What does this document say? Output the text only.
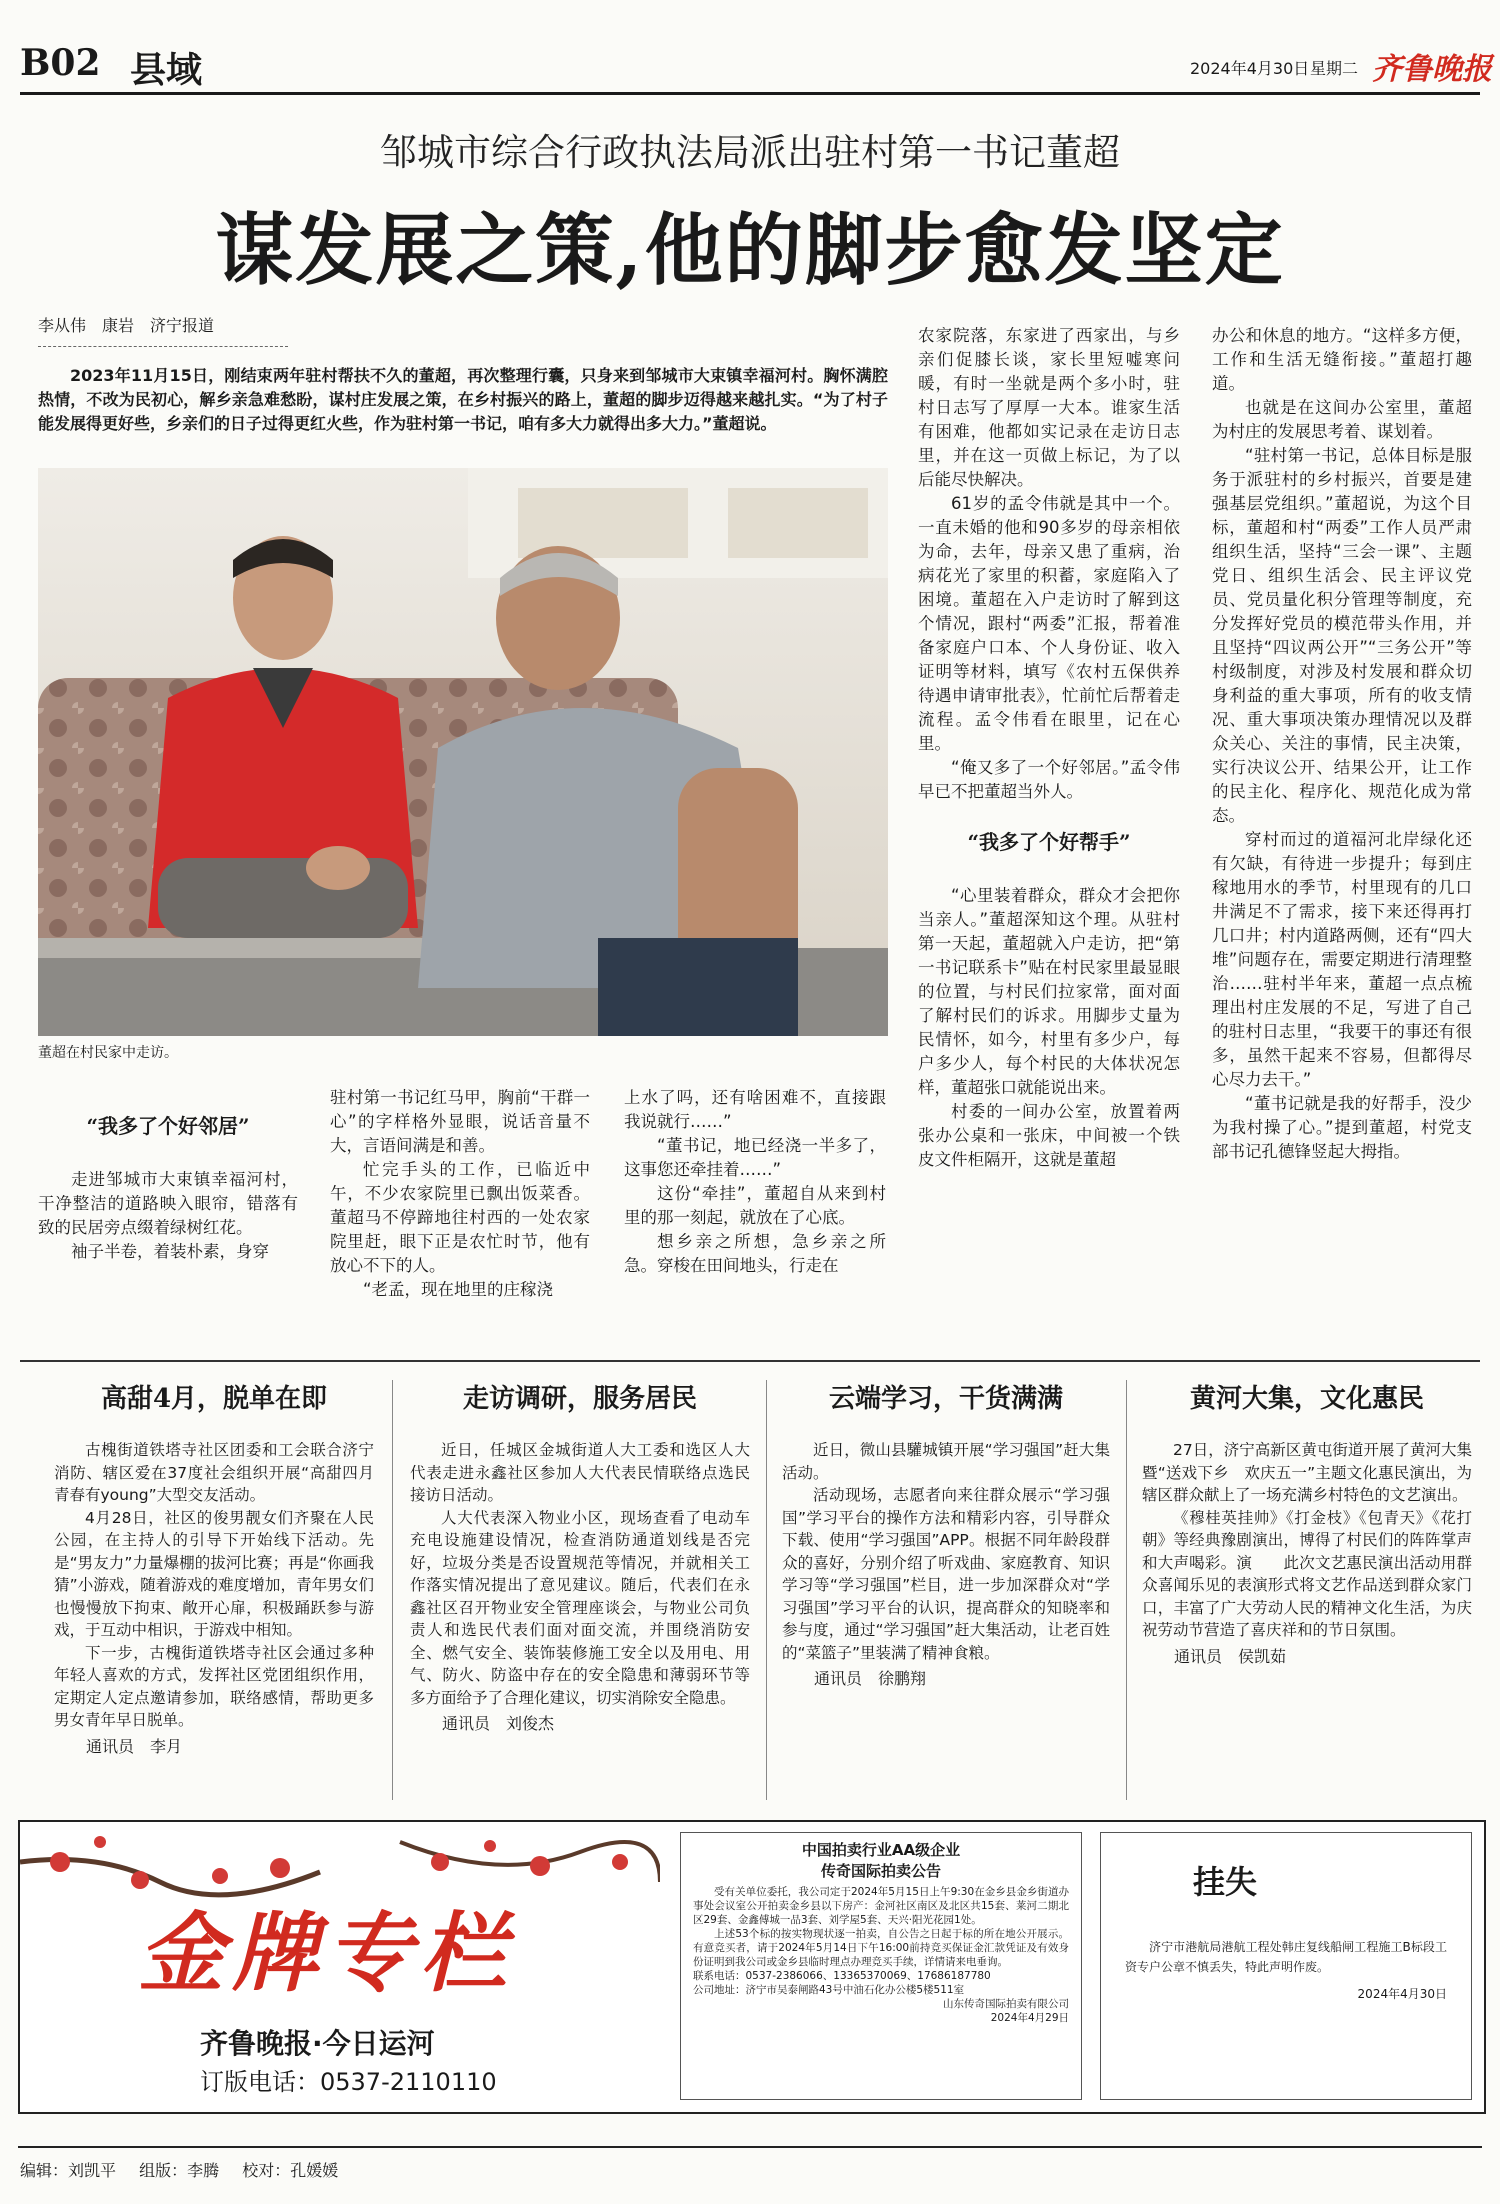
B02 县域	2024年4月30日 星期二 齐鲁晚报
邹城市综合行政执法局派出驻村第一书记董超
谋发展之策,他的脚步愈发坚定
李从伟　康岩　济宁报道
2023年11月15日，刚结束两年驻村帮扶不久的董超，再次整理行囊，只身来到邹城市大束镇幸福河村。胸怀满腔热情，不改为民初心，解乡亲急难愁盼，谋村庄发展之策，在乡村振兴的路上，董超的脚步迈得越来越扎实。“为了村子能发展得更好些，乡亲们的日子过得更红火些，作为驻村第一书记，咱有多大力就得出多大力。”董超说。
董超在村民家中走访。
“我多了个好邻居”

走进邹城市大束镇幸福河村，干净整洁的道路映入眼帘，错落有致的民居旁点缀着绿树红花。

袖子半卷，着装朴素，身穿

驻村第一书记红马甲，胸前“干群一心”的字样格外显眼，说话音量不大，言语间满是和善。

忙完手头的工作，已临近中午，不少农家院里已飘出饭菜香。董超马不停蹄地往村西的一处农家院里赶，眼下正是农忙时节，他有放心不下的人。

“老孟，现在地里的庄稼浇

上水了吗，还有啥困难不，直接跟我说就行……”

“董书记，地已经浇一半多了，这事您还牵挂着……”

这份“牵挂”，董超自从来到村里的那一刻起，就放在了心底。

想乡亲之所想，急乡亲之所急。穿梭在田间地头，行走在

农家院落，东家进了西家出，与乡亲们促膝长谈，家长里短嘘寒问暖，有时一坐就是两个多小时，驻村日志写了厚厚一大本。谁家生活有困难，他都如实记录在走访日志里，并在这一页做上标记，为了以后能尽快解决。

61岁的孟令伟就是其中一个。一直未婚的他和90多岁的母亲相依为命，去年，母亲又患了重病，治病花光了家里的积蓄，家庭陷入了困境。董超在入户走访时了解到这个情况，跟村“两委”汇报，帮着准备家庭户口本、个人身份证、收入证明等材料，填写《农村五保供养待遇申请审批表》，忙前忙后帮着走流程。孟令伟看在眼里，记在心里。

“俺又多了一个好邻居。”孟令伟早已不把董超当外人。

“我多了个好帮手”

“心里装着群众，群众才会把你当亲人。”董超深知这个理。从驻村第一天起，董超就入户走访，把“第一书记联系卡”贴在村民家里最显眼的位置，与村民们拉家常，面对面了解村民们的诉求。用脚步丈量为民情怀，如今，村里有多少户，每户多少人，每个村民的大体状况怎样，董超张口就能说出来。

村委的一间办公室，放置着两张办公桌和一张床，中间被一个铁皮文件柜隔开，这就是董超

办公和休息的地方。“这样多方便，工作和生活无缝衔接。”董超打趣道。

也就是在这间办公室里，董超为村庄的发展思考着、谋划着。

“驻村第一书记，总体目标是服务于派驻村的乡村振兴，首要是建强基层党组织。”董超说，为这个目标，董超和村“两委”工作人员严肃组织生活，坚持“三会一课”、主题党日、组织生活会、民主评议党员、党员量化积分管理等制度，充分发挥好党员的模范带头作用，并且坚持“四议两公开”“三务公开”等村级制度，对涉及村发展和群众切身利益的重大事项，所有的收支情况、重大事项决策办理情况以及群众关心、关注的事情，民主决策，实行决议公开、结果公开，让工作的民主化、程序化、规范化成为常态。

穿村而过的道福河北岸绿化还有欠缺，有待进一步提升；每到庄稼地用水的季节，村里现有的几口井满足不了需求，接下来还得再打几口井；村内道路两侧，还有“四大堆”问题存在，需要定期进行清理整治……驻村半年来，董超一点点梳理出村庄发展的不足，写进了自己的驻村日志里，“我要干的事还有很多，虽然干起来不容易，但都得尽心尽力去干。”

“董书记就是我的好帮手，没少为我村操了心。”提到董超，村党支部书记孔德锋竖起大拇指。

高甜4月，脱单在即

古槐街道铁塔寺社区团委和工会联合济宁消防、辖区爱在37度社会组织开展“高甜四月　青春有young”大型交友活动。

4月28日，社区的俊男靓女们齐聚在人民公园，在主持人的引导下开始线下活动。先是“男友力”力量爆棚的拔河比赛；再是“你画我猜”小游戏，随着游戏的难度增加，青年男女们也慢慢放下拘束、敞开心扉，积极踊跃参与游戏，于互动中相识，于游戏中相知。

下一步，古槐街道铁塔寺社区会通过多种年轻人喜欢的方式，发挥社区党团组织作用，定期定人定点邀请参加，联络感情，帮助更多男女青年早日脱单。

通讯员　李月
走访调研，服务居民

近日，任城区金城街道人大工委和选区人大代表走进永鑫社区参加人大代表民情联络点选民接访日活动。

人大代表深入物业小区，现场查看了电动车充电设施建设情况，检查消防通道划线是否完好，垃圾分类是否设置规范等情况，并就相关工作落实情况提出了意见建议。随后，代表们在永鑫社区召开物业安全管理座谈会，与物业公司负责人和选民代表们面对面交流，并围绕消防安全、燃气安全、装饰装修施工安全以及用电、用气、防火、防盗中存在的安全隐患和薄弱环节等多方面给予了合理化建议，切实消除安全隐患。

通讯员　刘俊杰
云端学习，干货满满

近日，微山县驩城镇开展“学习强国”赶大集活动。

活动现场，志愿者向来往群众展示“学习强国”学习平台的操作方法和精彩内容，引导群众下载、使用“学习强国”APP。根据不同年龄段群众的喜好，分别介绍了听戏曲、家庭教育、知识学习等“学习强国”栏目，进一步加深群众对“学习强国”学习平台的认识，提高群众的知晓率和参与度，通过“学习强国”赶大集活动，让老百姓的“菜篮子”里装满了精神食粮。

通讯员　徐鹏翔
黄河大集，文化惠民

27日，济宁高新区黄屯街道开展了黄河大集暨“送戏下乡　欢庆五一”主题文化惠民演出，为辖区群众献上了一场充满乡村特色的文艺演出。

《穆桂英挂帅》《打金枝》《包青天》《花打朝》等经典豫剧演出，博得了村民们的阵阵掌声和大声喝彩。演　　此次文艺惠民演出活动用群众喜闻乐见的表演形式将文艺作品送到群众家门口，丰富了广大劳动人民的精神文化生活，为庆祝劳动节营造了喜庆祥和的节日氛围。

通讯员　侯凯茹
金牌专栏
齐鲁晚报·今日运河
订版电话：0537-2110110
中国拍卖行业AA级企业
传奇国际拍卖公告
受有关单位委托，我公司定于2024年5月15日上午9:30在金乡县金乡街道办事处会议室公开拍卖金乡县以下房产：金河社区南区及北区共15套、莱河二期北区29套、金鑫傅城一品3套、刘学屋5套、天兴·阳光花园1处。
上述53个标的按实物现状逐一拍卖，自公告之日起于标的所在地公开展示。有意竞买者，请于2024年5月14日下午16:00前持竞买保证金汇款凭证及有效身份证明到我公司或金乡县临时理点办理竞买手续，详情请来电垂询。
联系电话：0537-2386066、13365370069、17686187780
公司地址：济宁市吴泰闸路43号中油石化办公楼5楼511室
山东传奇国际拍卖有限公司
2024年4月29日
挂失
济宁市港航局港航工程处韩庄复线船闸工程施工B标段工资专户公章不慎丢失，特此声明作废。
2024年4月30日
编辑：刘凯平 组版：李腾 校对：孔媛媛
